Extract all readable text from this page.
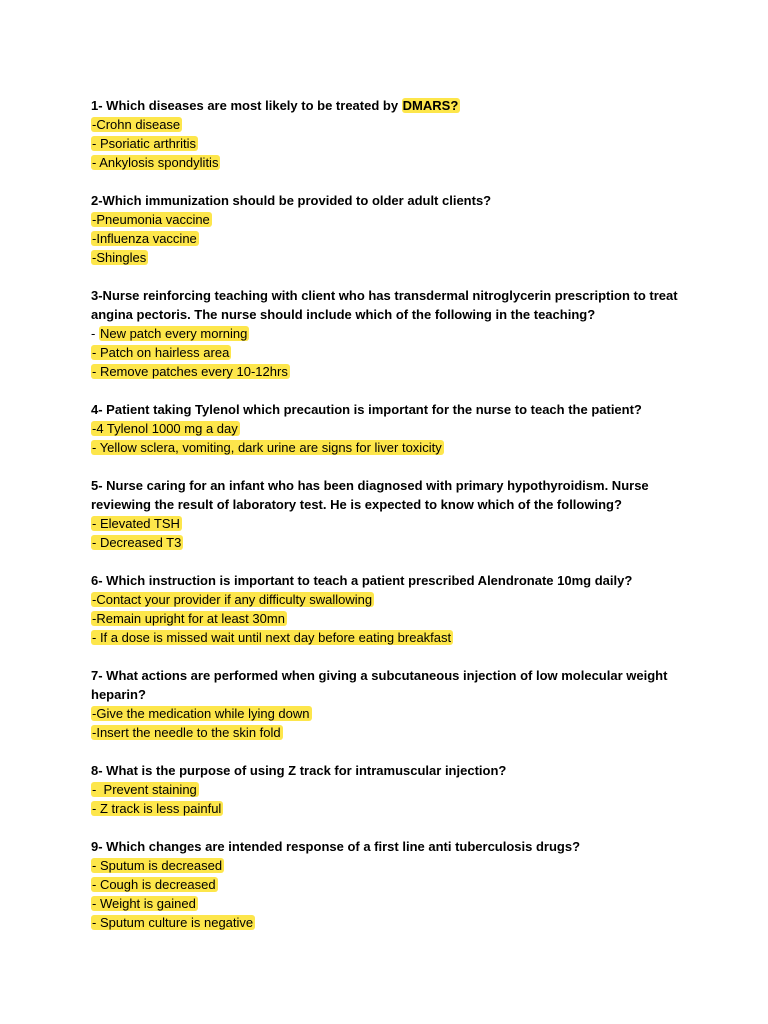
1- Which diseases are most likely to be treated by DMARS?

-Crohn disease

- Psoriatic arthritis

- Ankylosis spondylitis

2-Which immunization should be provided to older adult clients?

-Pneumonia vaccine

-Influenza vaccine

-Shingles

3-Nurse reinforcing teaching with client who has transdermal nitroglycerin prescription to treat angina pectoris. The nurse should include which of the following in the teaching?

- New patch every morning

- Patch on hairless area

- Remove patches every 10-12hrs

4- Patient taking Tylenol which precaution is important for the nurse to teach the patient?

-4 Tylenol 1000 mg a day

- Yellow sclera, vomiting, dark urine are signs for liver toxicity

5- Nurse caring for an infant who has been diagnosed with primary hypothyroidism. Nurse reviewing the result of laboratory test. He is expected to know which of the following?

- Elevated TSH

- Decreased T3

6- Which instruction is important to teach a patient prescribed Alendronate 10mg daily?

-Contact your provider if any difficulty swallowing

-Remain upright for at least 30mn

- If a dose is missed wait until next day before eating breakfast

7- What actions are performed when giving a subcutaneous injection of low molecular weight heparin?

-Give the medication while lying down

-Insert the needle to the skin fold

8- What is the purpose of using Z track for intramuscular injection?

-  Prevent staining

- Z track is less painful

9- Which changes are intended response of a first line anti tuberculosis drugs?

- Sputum is decreased

- Cough is decreased

- Weight is gained

- Sputum culture is negative
